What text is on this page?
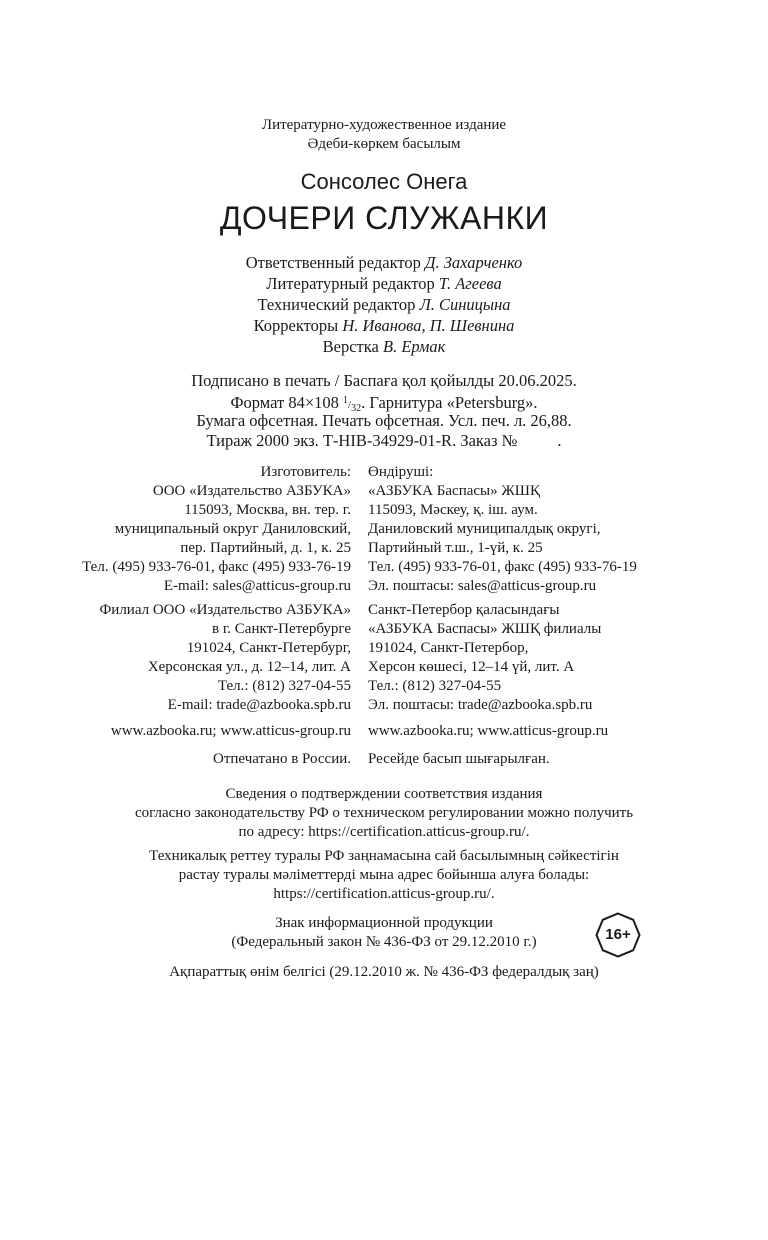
Литературно-художественное издание
Әдеби-көркем басылым
Сонсолес Онега
ДОЧЕРИ СЛУЖАНКИ
Ответственный редактор Д. Захарченко
Литературный редактор Т. Агеева
Технический редактор Л. Синицына
Корректоры Н. Иванова, П. Шевнина
Верстка В. Ермак
Подписано в печать / Баспаға қол қойылды 20.06.2025.
Формат 84×108 $^1/_{32}$. Гарнитура «Petersburg».
Бумага офсетная. Печать офсетная. Усл. печ. л. 26,88.
Тираж 2000 экз. Т-НІВ-34929-01-R. Заказ № .
Изготовитель:
ООО «Издательство АЗБУКА»
115093, Москва, вн. тер. г.
муниципальный округ Даниловский,
пер. Партийный, д. 1, к. 25
Тел. (495) 933-76-01, факс (495) 933-76-19
E-mail: sales@atticus-group.ru
Өндіруші:
«АЗБУКА Баспасы» ЖШҚ
115093, Мәскеу, қ. іш. аум.
Даниловский муниципалдық округі,
Партийный т.ш., 1-үй, к. 25
Тел. (495) 933-76-01, факс (495) 933-76-19
Эл. поштасы: sales@atticus-group.ru
Филиал ООО «Издательство АЗБУКА»
в г. Санкт-Петербурге
191024, Санкт-Петербург,
Херсонская ул., д. 12–14, лит. А
Тел.: (812) 327-04-55
E-mail: trade@azbooka.spb.ru
Санкт-Петербор қаласындағы
«АЗБУКА Баспасы» ЖШҚ филиалы
191024, Санкт-Петербор,
Херсон көшесі, 12–14 үй, лит. А
Тел.: (812) 327-04-55
Эл. поштасы: trade@azbooka.spb.ru
www.azbooka.ru; www.atticus-group.ru www.azbooka.ru; www.atticus-group.ru
Отпечатано в России. Ресейде басып шығарылған.
Сведения о подтверждении соответствия издания
согласно законодательству РФ о техническом регулировании можно получить
по адресу: https://certification.atticus-group.ru/.
Техникалық реттеу туралы РФ заңнамасына сай басылымның сәйкестігін
растау туралы мәліметтерді мына адрес бойынша алуға болады:
https://certification.atticus-group.ru/.
Знак информационной продукции
(Федеральный закон № 436-ФЗ от 29.12.2010 г.)
Ақпараттық өнім белгісі (29.12.2010 ж. № 436-ФЗ федералдық заң)
16+
